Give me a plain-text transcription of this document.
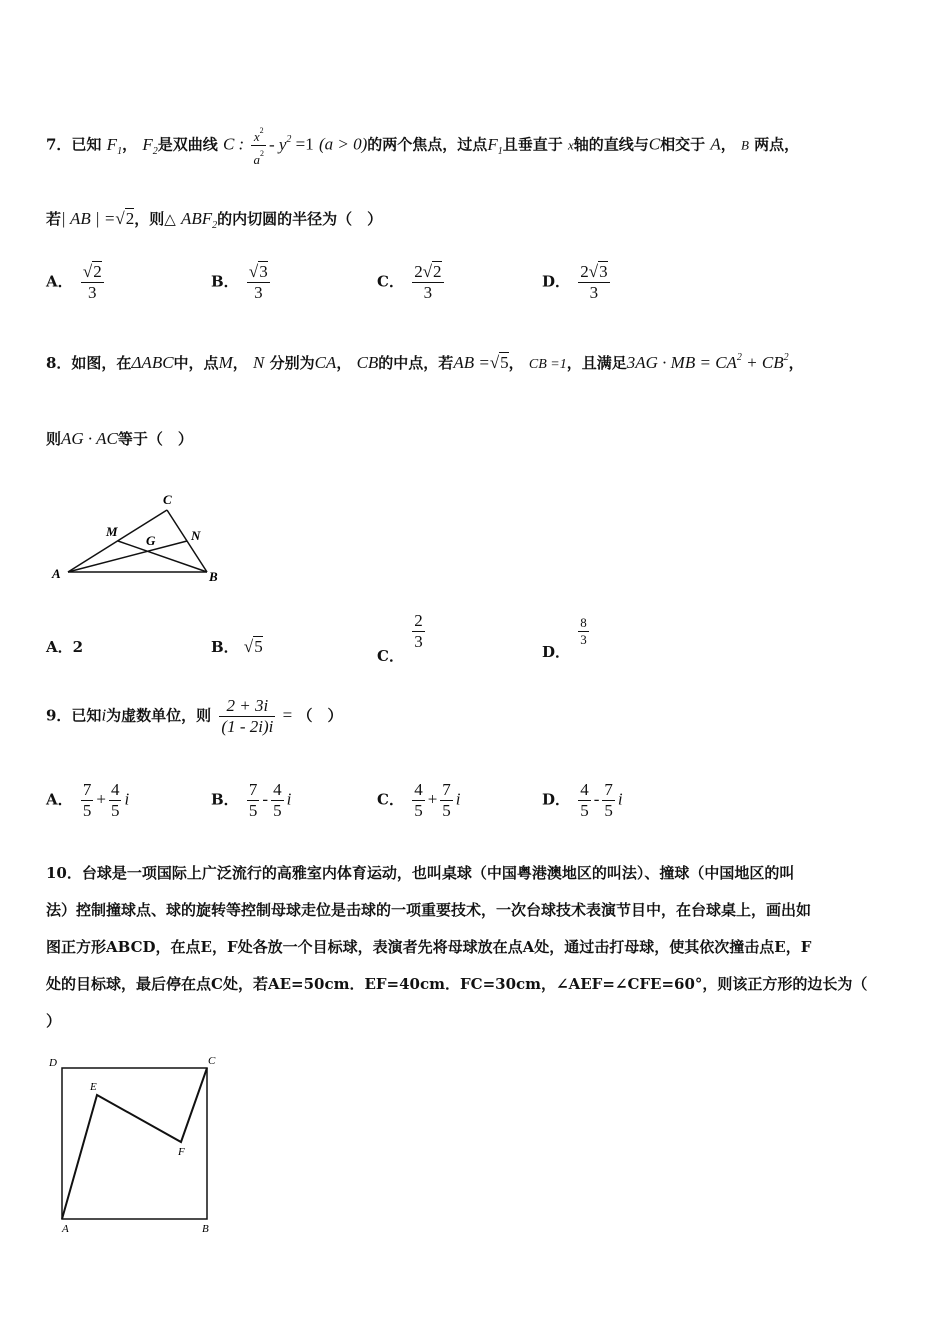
7．已知 $F_1$， $F_2$是双曲线 C : $\frac{x^2}{a^2} - y^2 =1$ (a > 0)的两个焦点，过点$F_1$且垂直于 x轴的直线与C相交于 A， B 两点，
若| AB | =√2，则△ $ABF_2$的内切圆的半径为（　）
A． $\frac{√2}{3}$	B． $\frac{√3}{3}$	C． $\frac{2√2}{3}$	D． $\frac{2√3}{3}$
8．如图，在ΔABC中，点M， N 分别为CA， CB的中点，若AB =√5， CB =1，且满足3AG · MB = $CA^2 + CB^2$，
则AG · AC等于（　）
A	B
C
M	N
G
A．2	B． √5	C．
$\frac{2}{3}$	D．
$\frac{8}{3}$
9．已知i为虚数单位，则 $\frac{2 + 3i}{(1 - 2i)i}$ = （　）
A． $\frac{7}{5} + \frac{4}{5}$ i	B． $\frac{7}{5} - \frac{4}{5}$ i	C． $\frac{4}{5} + \frac{7}{5}$ i	D． $\frac{4}{5} - \frac{7}{5}$ i
10．台球是一项国际上广泛流行的高雅室内体育运动，也叫桌球（中国粤港澳地区的叫法）、撞球（中国地区的叫
法）控制撞球点、球的旋转等控制母球走位是击球的一项重要技术，一次台球技术表演节目中，在台球桌上，画出如
图正方形ABCD，在点E，F处各放一个目标球，表演者先将母球放在点A处，通过击打母球，使其依次撞击点E，F
处的目标球，最后停在点C处，若AE=50cm．EF=40cm．FC=30cm，∠AEF=∠CFE=60°，则该正方形的边长为（
）
D	C
A	B
E
F
